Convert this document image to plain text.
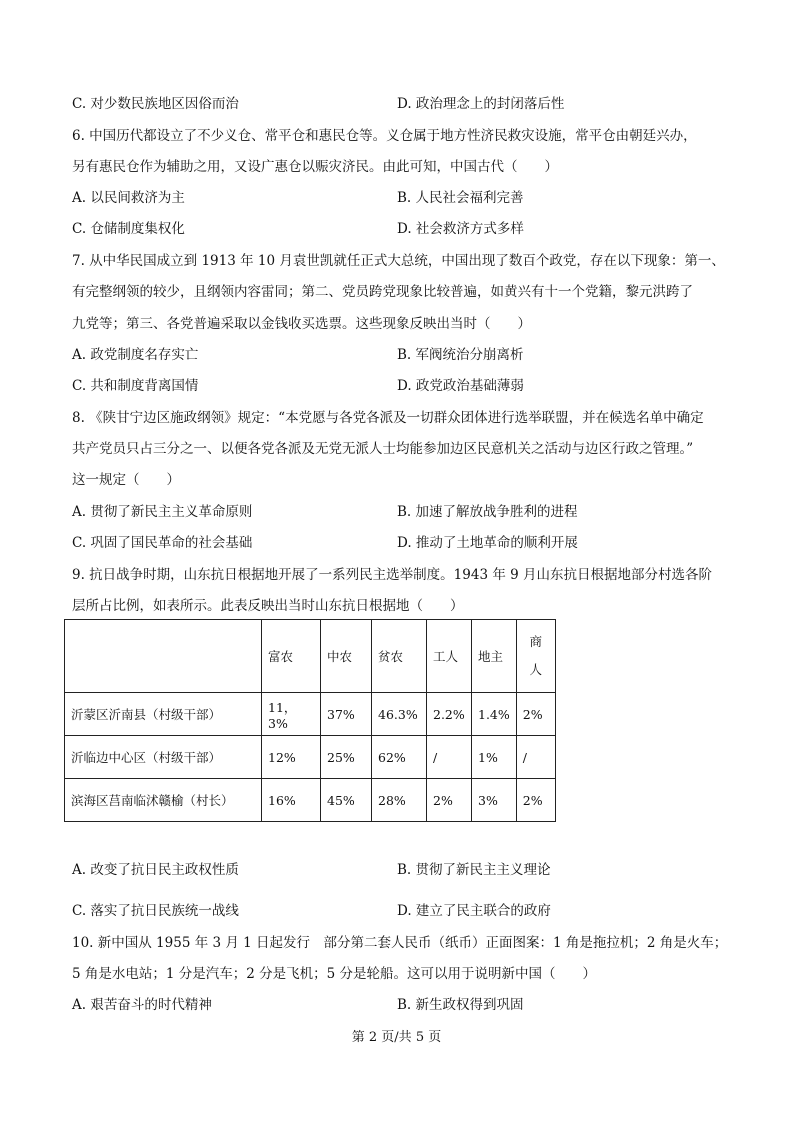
C. 对少数民族地区因俗而治	D. 政治理念上的封闭落后性
6. 中国历代都设立了不少义仓、常平仓和惠民仓等。义仓属于地方性济民救灾设施，常平仓由朝廷兴办，
另有惠民仓作为辅助之用，又设广惠仓以赈灾济民。由此可知，中国古代（　　）
A. 以民间救济为主	B. 人民社会福利完善
C. 仓储制度集权化	D. 社会救济方式多样
7. 从中华民国成立到 1913 年 10 月袁世凯就任正式大总统，中国出现了数百个政党，存在以下现象：第一、
有完整纲领的较少，且纲领内容雷同；第二、党员跨党现象比较普遍，如黄兴有十一个党籍，黎元洪跨了
九党等；第三、各党普遍采取以金钱收买选票。这些现象反映出当时（　　）
A. 政党制度名存实亡	B. 军阀统治分崩离析
C. 共和制度背离国情	D. 政党政治基础薄弱
8. 《陕甘宁边区施政纲领》规定：“本党愿与各党各派及一切群众团体进行选举联盟，并在候选名单中确定
共产党员只占三分之一、以便各党各派及无党无派人士均能参加边区民意机关之活动与边区行政之管理。”
这一规定（　　）
A. 贯彻了新民主主义革命原则	B. 加速了解放战争胜利的进程
C. 巩固了国民革命的社会基础	D. 推动了土地革命的顺利开展
9. 抗日战争时期，山东抗日根据地开展了一系列民主选举制度。1943 年 9 月山东抗日根据地部分村选各阶
层所占比例，如表所示。此表反映出当时山东抗日根据地（　　）
	富农	中农	贫农	工人	地主	商人
沂蒙区沂南县（村级干部）	11，3%	37%	46.3%	2.2%	1.4%	2%
沂临边中心区（村级干部）	12%	25%	62%	/	1%	/
滨海区莒南临沭赣榆（村长）	16%	45%	28%	2%	3%	2%
A. 改变了抗日民主政权性质	B. 贯彻了新民主主义理论
C. 落实了抗日民族统一战线	D. 建立了民主联合的政府
10. 新中国从 1955 年 3 月 1 日起发行　部分第二套人民币（纸币）正面图案：1 角是拖拉机；2 角是火车；
5 角是水电站；1 分是汽车；2 分是飞机；5 分是轮船。这可以用于说明新中国（　　）
A. 艰苦奋斗的时代精神	B. 新生政权得到巩固
第 2 页/共 5 页
